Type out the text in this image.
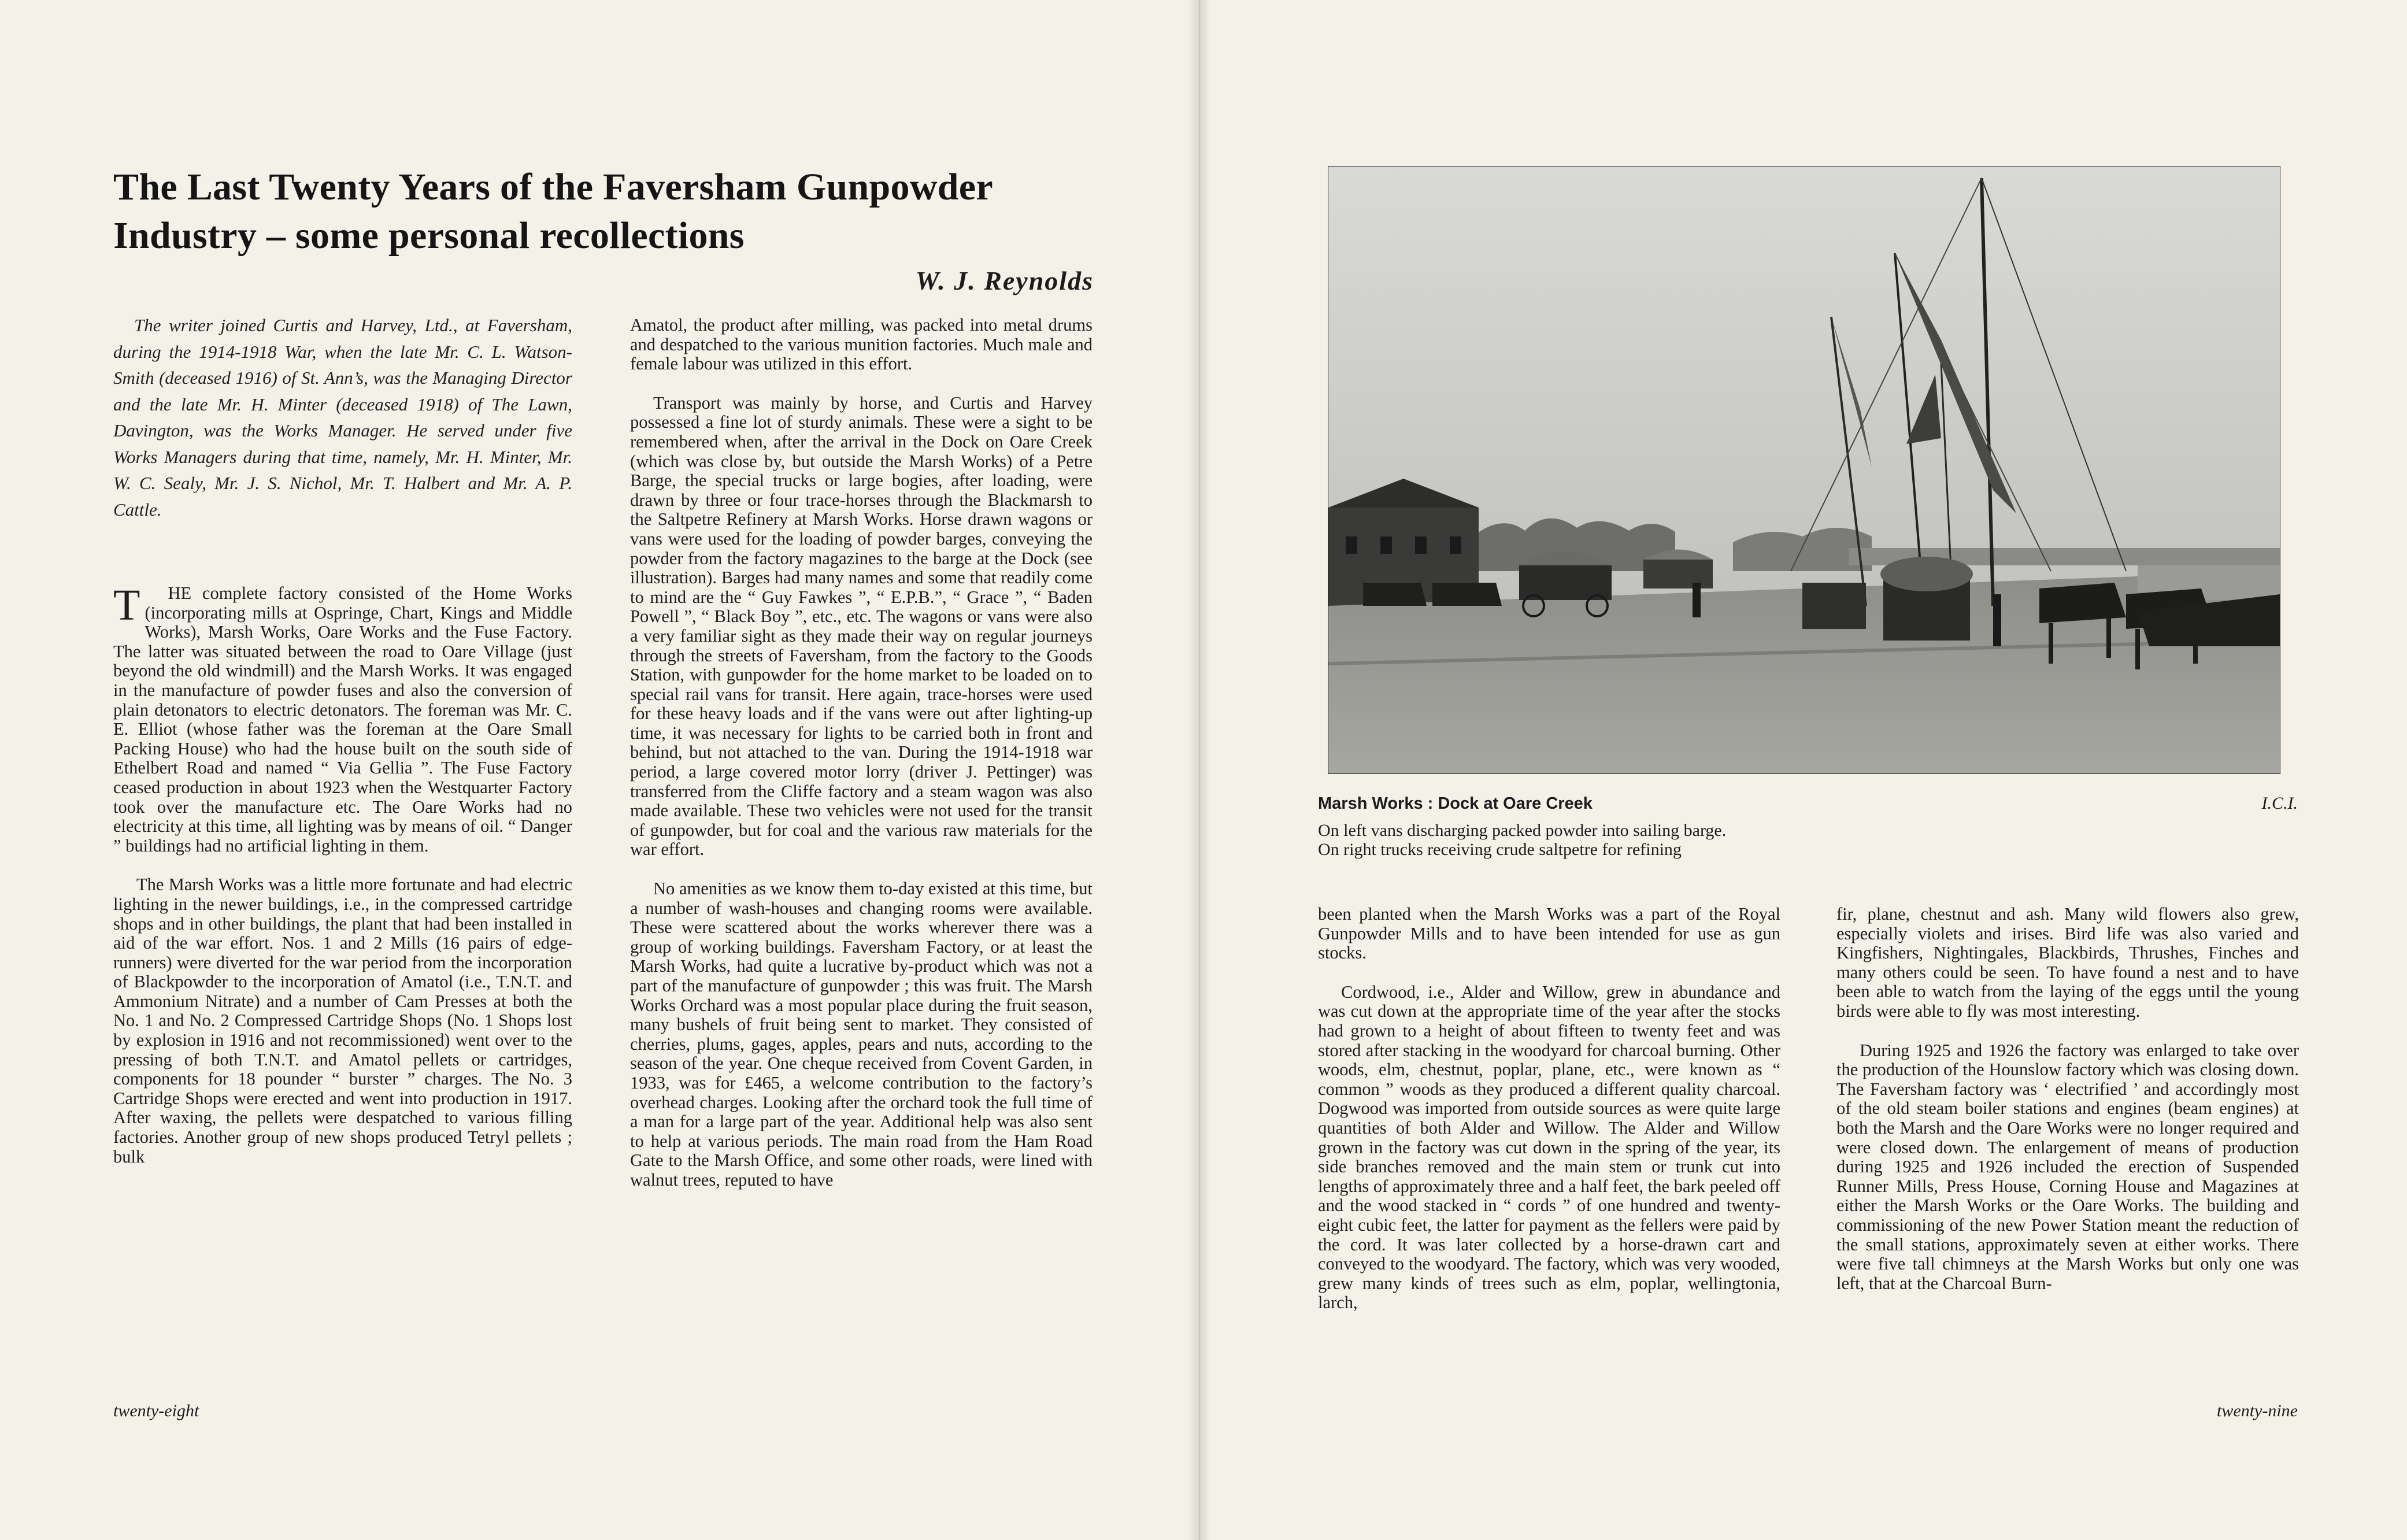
The Last Twenty Years of the Faversham Gunpowder Industry – some personal recollections

W. J. Reynolds

The writer joined Curtis and Harvey, Ltd., at Faversham, during the 1914-1918 War, when the late Mr. C. L. Watson-Smith (deceased 1916) of St. Ann’s, was the Managing Director and the late Mr. H. Minter (deceased 1918) of The Lawn, Davington, was the Works Manager. He served under five Works Managers during that time, namely, Mr. H. Minter, Mr. W. C. Sealy, Mr. J. S. Nichol, Mr. T. Halbert and Mr. A. P. Cattle.

T HE complete factory consisted of the Home Works (incorporating mills at Ospringe, Chart, Kings and Middle Works), Marsh Works, Oare Works and the Fuse Factory. The latter was situated between the road to Oare Village (just beyond the old windmill) and the Marsh Works. It was engaged in the manufacture of powder fuses and also the conversion of plain detonators to electric detonators. The foreman was Mr. C. E. Elliot (whose father was the foreman at the Oare Small Packing House) who had the house built on the south side of Ethelbert Road and named “ Via Gellia ”. The Fuse Factory ceased production in about 1923 when the Westquarter Factory took over the manufacture etc. The Oare Works had no electricity at this time, all lighting was by means of oil. “ Danger ” buildings had no artificial lighting in them.

The Marsh Works was a little more fortunate and had electric lighting in the newer buildings, i.e., in the compressed cartridge shops and in other buildings, the plant that had been installed in aid of the war effort. Nos. 1 and 2 Mills (16 pairs of edge-runners) were diverted for the war period from the incorporation of Blackpowder to the incorporation of Amatol (i.e., T.N.T. and Ammonium Nitrate) and a number of Cam Presses at both the No. 1 and No. 2 Compressed Cartridge Shops (No. 1 Shops lost by explosion in 1916 and not recommissioned) went over to the pressing of both T.N.T. and Amatol pellets or cartridges, components for 18 pounder “ burster ” charges. The No. 3 Cartridge Shops were erected and went into production in 1917. After waxing, the pellets were despatched to various filling factories. Another group of new shops produced Tetryl pellets ; bulk

Amatol, the product after milling, was packed into metal drums and despatched to the various munition factories. Much male and female labour was utilized in this effort.

Transport was mainly by horse, and Curtis and Harvey possessed a fine lot of sturdy animals. These were a sight to be remembered when, after the arrival in the Dock on Oare Creek (which was close by, but outside the Marsh Works) of a Petre Barge, the special trucks or large bogies, after loading, were drawn by three or four trace-horses through the Blackmarsh to the Saltpetre Refinery at Marsh Works. Horse drawn wagons or vans were used for the loading of powder barges, conveying the powder from the factory magazines to the barge at the Dock (see illustration). Barges had many names and some that readily come to mind are the “ Guy Fawkes ”, “ E.P.B.”, “ Grace ”, “ Baden Powell ”, “ Black Boy ”, etc., etc. The wagons or vans were also a very familiar sight as they made their way on regular journeys through the streets of Faversham, from the factory to the Goods Station, with gunpowder for the home market to be loaded on to special rail vans for transit. Here again, trace-horses were used for these heavy loads and if the vans were out after lighting-up time, it was necessary for lights to be carried both in front and behind, but not attached to the van. During the 1914-1918 war period, a large covered motor lorry (driver J. Pettinger) was transferred from the Cliffe factory and a steam wagon was also made available. These two vehicles were not used for the transit of gunpowder, but for coal and the various raw materials for the war effort.

No amenities as we know them to-day existed at this time, but a number of wash-houses and changing rooms were available. These were scattered about the works wherever there was a group of working buildings. Faversham Factory, or at least the Marsh Works, had quite a lucrative by-product which was not a part of the manufacture of gunpowder ; this was fruit. The Marsh Works Orchard was a most popular place during the fruit season, many bushels of fruit being sent to market. They consisted of cherries, plums, gages, apples, pears and nuts, according to the season of the year. One cheque received from Covent Garden, in 1933, was for £465, a welcome contribution to the factory’s overhead charges. Looking after the orchard took the full time of a man for a large part of the year. Additional help was also sent to help at various periods. The main road from the Ham Road Gate to the Marsh Office, and some other roads, were lined with walnut trees, reputed to have

twenty-eight

Marsh Works : Dock at Oare Creek	I.C.I.

On left vans discharging packed powder into sailing barge.

On right trucks receiving crude saltpetre for refining

been planted when the Marsh Works was a part of the Royal Gunpowder Mills and to have been intended for use as gun stocks.

Cordwood, i.e., Alder and Willow, grew in abundance and was cut down at the appropriate time of the year after the stocks had grown to a height of about fifteen to twenty feet and was stored after stacking in the woodyard for charcoal burning. Other woods, elm, chestnut, poplar, plane, etc., were known as “ common ” woods as they produced a different quality charcoal. Dogwood was imported from outside sources as were quite large quantities of both Alder and Willow. The Alder and Willow grown in the factory was cut down in the spring of the year, its side branches removed and the main stem or trunk cut into lengths of approximately three and a half feet, the bark peeled off and the wood stacked in “ cords ” of one hundred and twenty-eight cubic feet, the latter for payment as the fellers were paid by the cord. It was later collected by a horse-drawn cart and conveyed to the woodyard. The factory, which was very wooded, grew many kinds of trees such as elm, poplar, wellingtonia, larch,

fir, plane, chestnut and ash. Many wild flowers also grew, especially violets and irises. Bird life was also varied and Kingfishers, Nightingales, Blackbirds, Thrushes, Finches and many others could be seen. To have found a nest and to have been able to watch from the laying of the eggs until the young birds were able to fly was most interesting.

During 1925 and 1926 the factory was enlarged to take over the production of the Hounslow factory which was closing down. The Faversham factory was ‘ electrified ’ and accordingly most of the old steam boiler stations and engines (beam engines) at both the Marsh and the Oare Works were no longer required and were closed down. The enlargement of means of production during 1925 and 1926 included the erection of Suspended Runner Mills, Press House, Corning House and Magazines at either the Marsh Works or the Oare Works. The building and commissioning of the new Power Station meant the reduction of the small stations, approximately seven at either works. There were five tall chimneys at the Marsh Works but only one was left, that at the Charcoal Burn-

twenty-nine
